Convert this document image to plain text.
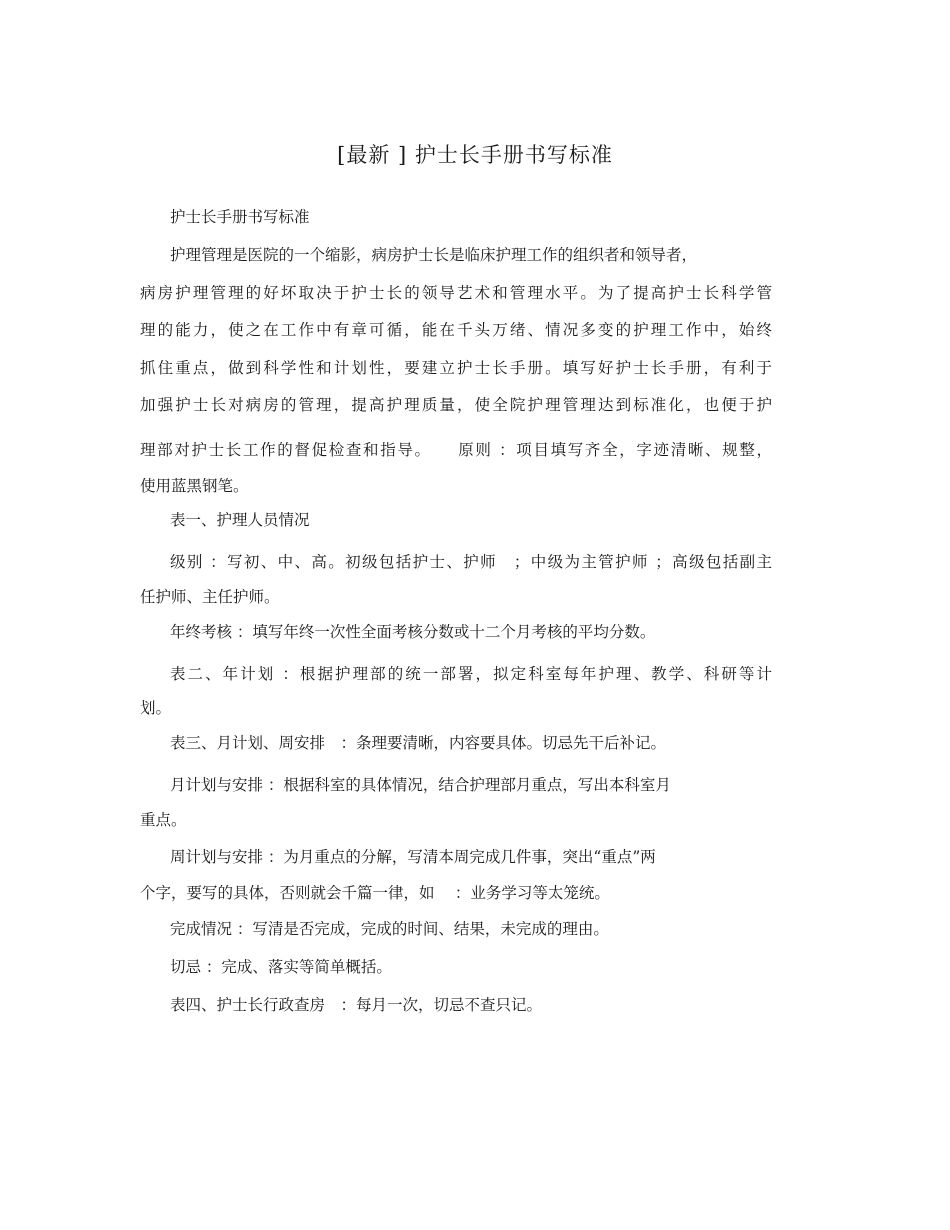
[最新 ] 护士长手册书写标准
护士长手册书写标准
护理管理是医院的一个缩影，病房护士长是临床护理工作的组织者和领导者，
病房护理管理的好坏取决于护士长的领导艺术和管理水平。为了提高护士长科学管
理的能力，使之在工作中有章可循，能在千头万绪、情况多变的护理工作中，始终
抓住重点，做到科学性和计划性，要建立护士长手册。填写好护士长手册，有利于
加强护士长对病房的管理，提高护理质量，使全院护理管理达到标准化，也便于护
理部对护士长工作的督促检查和指导。　　原则 ：项目填写齐全，字迹清晰、规整，
使用蓝黑钢笔。
表一、护理人员情况
级别 ：写初、中、高。初级包括护士、护师　；中级为主管护师 ；高级包括副主
任护师、主任护师。
年终考核 ：填写年终一次性全面考核分数或十二个月考核的平均分数。
表二、年计划 ：根据护理部的统一部署，拟定科室每年护理、教学、科研等计
划。
表三、月计划、周安排　：条理要清晰，内容要具体。切忌先干后补记。
月计划与安排 ：根据科室的具体情况，结合护理部月重点，写出本科室月
重点。
周计划与安排 ：为月重点的分解，写清本周完成几件事，突出“重点”两
个字，要写的具体，否则就会千篇一律，如　 ：业务学习等太笼统。
完成情况 ：写清是否完成，完成的时间、结果，未完成的理由。
切忌 ：完成、落实等简单概括。
表四、护士长行政查房　：每月一次，切忌不查只记。
